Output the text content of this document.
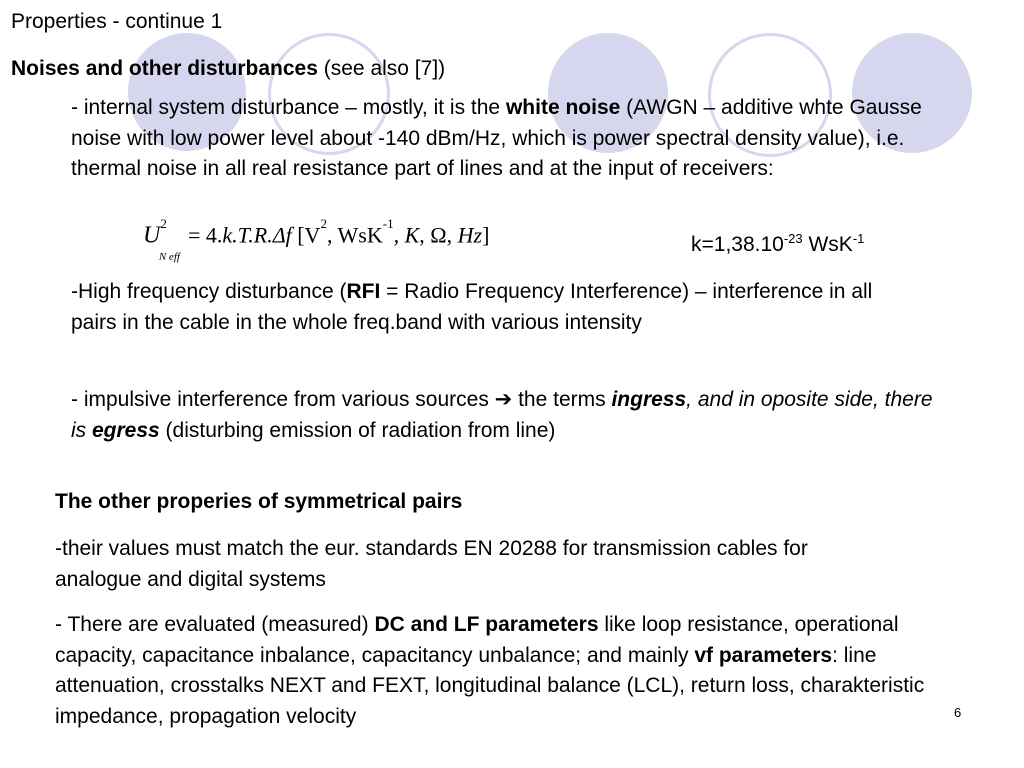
Properties - continue 1
Noises and other disturbances (see also [7])
- internal system disturbance – mostly, it is the white noise (AWGN – additive whte Gausse noise with low power level about -140 dBm/Hz, which is power spectral density value), i.e. thermal noise in all real resistance part of lines and at the input of receivers:
$U^2_{N eff}= 4.k.T.R.\Delta f$ [$V^2$, WsK$^{-1}$, K, Ω, Hz]	$k=1,38.10^{-23}$ WsK$^{-1}$
-High frequency disturbance (RFI = Radio Frequency Interference) – interference in all pairs in the cable in the whole freq.band with various intensity
- impulsive interference from various sources ➔ the terms ingress, and in oposite side, there is egress (disturbing emission of radiation from line)
The other properies of symmetrical pairs
-their values must match the eur. standards EN 20288 for transmission cables for analogue and digital systems
- There are evaluated (measured) DC and LF parameters like loop resistance, operational capacity, capacitance inbalance, capacitancy unbalance; and mainly vf parameters: line attenuation, crosstalks NEXT and FEXT, longitudinal balance (LCL), return loss, charakteristic impedance, propagation velocity	6
